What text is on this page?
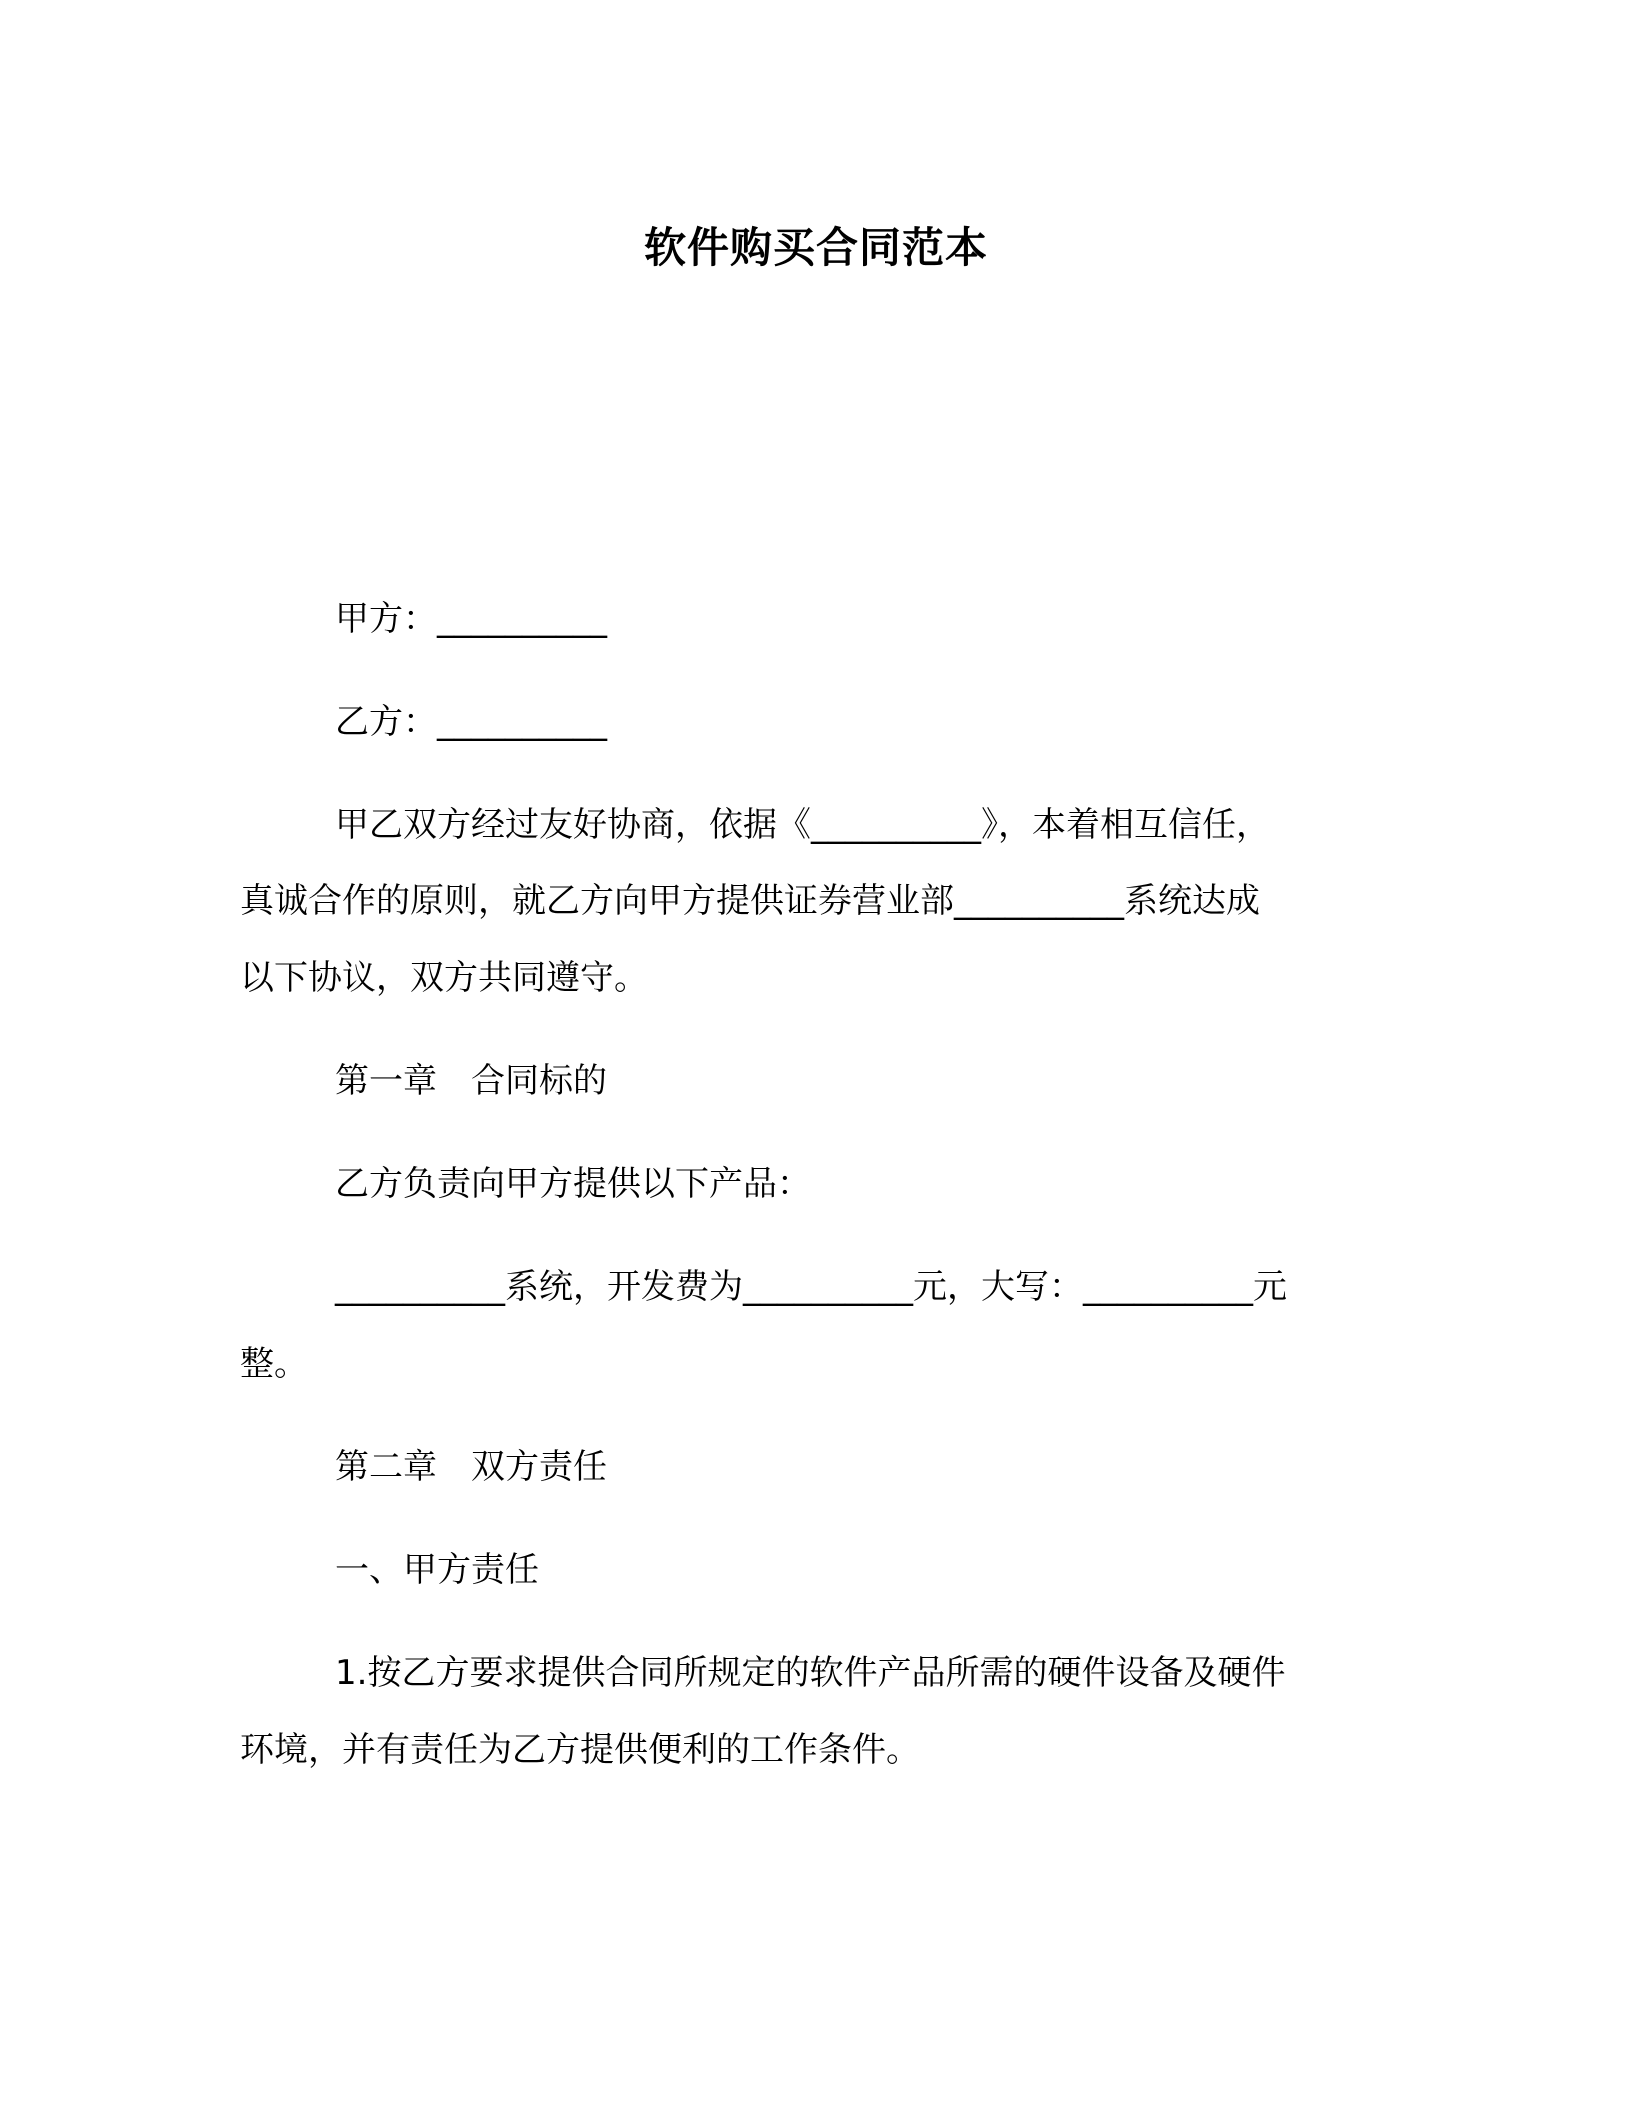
软件购买合同范本
甲方：__________
乙方：__________
甲乙双方经过友好协商，依据《__________》，本着相互信任，
真诚合作的原则，就乙方向甲方提供证券营业部__________系统达成
以下协议，双方共同遵守。
第一章　合同标的
乙方负责向甲方提供以下产品：
__________系统，开发费为__________元，大写：__________元
整。
第二章　双方责任
一、甲方责任
1.按乙方要求提供合同所规定的软件产品所需的硬件设备及硬件
环境，并有责任为乙方提供便利的工作条件。
